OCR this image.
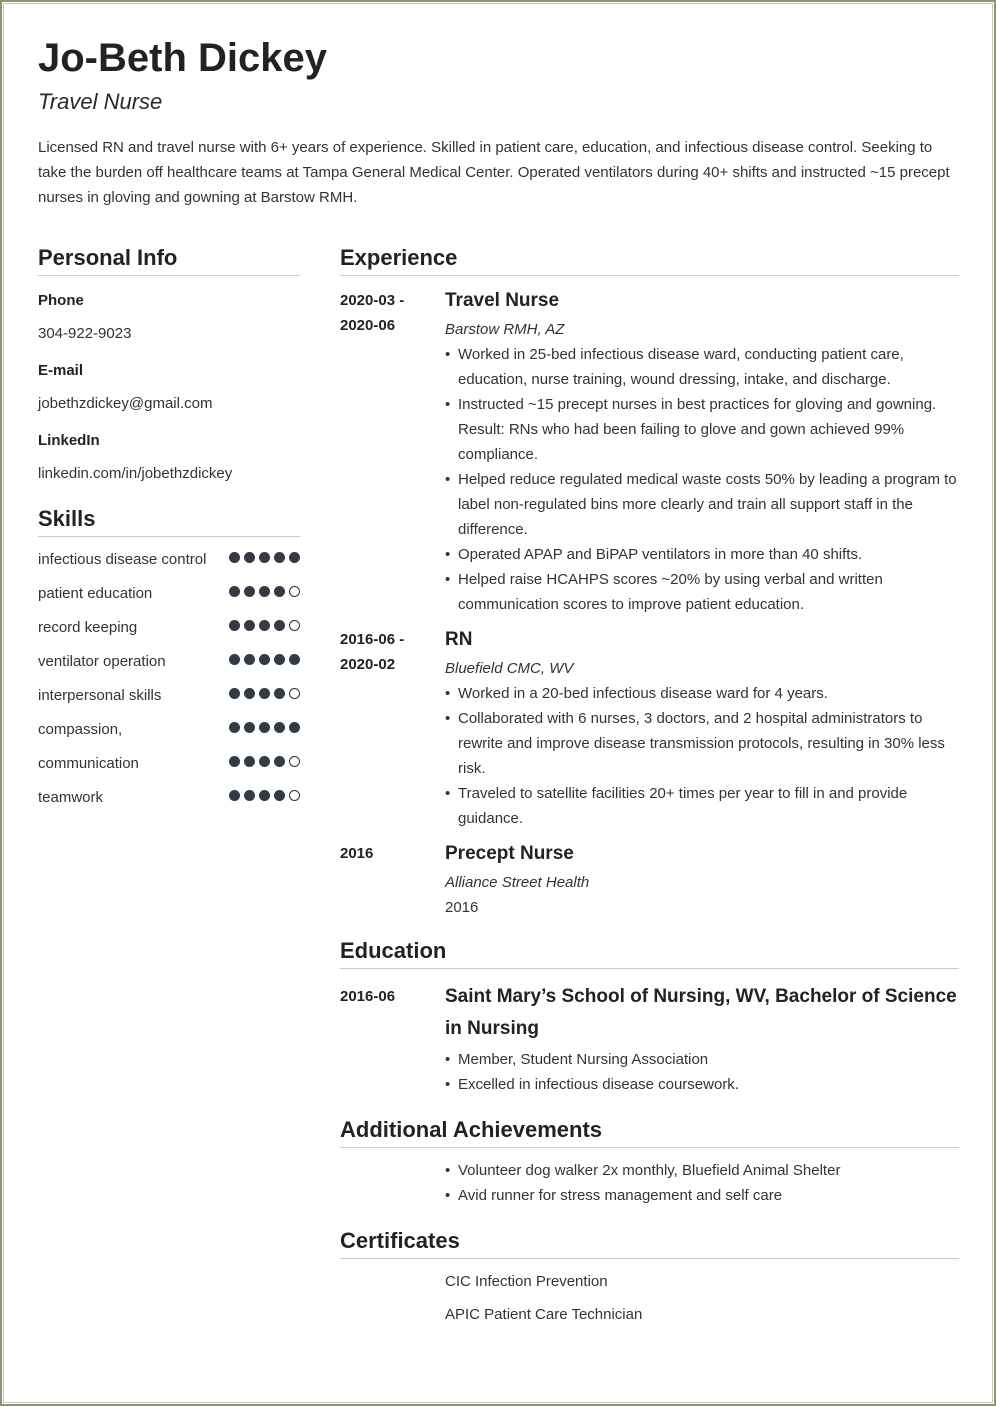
Jo-Beth Dickey
Travel Nurse
Licensed RN and travel nurse with 6+ years of experience. Skilled in patient care, education, and infectious disease control. Seeking to take the burden off healthcare teams at Tampa General Medical Center. Operated ventilators during 40+ shifts and instructed ~15 precept nurses in gloving and gowning at Barstow RMH.
Personal Info
Phone
304-922-9023
E-mail
jobethzdickey@gmail.com
LinkedIn
linkedin.com/in/jobethzdickey
Skills
infectious disease control
patient education
record keeping
ventilator operation
interpersonal skills
compassion,
communication
teamwork
Experience
2020-03 -
2020-06
Travel Nurse
Barstow RMH, AZ
• Worked in 25-bed infectious disease ward, conducting patient care, education, nurse training, wound dressing, intake, and discharge.
• Instructed ~15 precept nurses in best practices for gloving and gowning. Result: RNs who had been failing to glove and gown achieved 99% compliance.
• Helped reduce regulated medical waste costs 50% by leading a program to label non-regulated bins more clearly and train all support staff in the difference.
• Operated APAP and BiPAP ventilators in more than 40 shifts.
• Helped raise HCAHPS scores ~20% by using verbal and written communication scores to improve patient education.
2016-06 -
2020-02
RN
Bluefield CMC, WV
• Worked in a 20-bed infectious disease ward for 4 years.
• Collaborated with 6 nurses, 3 doctors, and 2 hospital administrators to rewrite and improve disease transmission protocols, resulting in 30% less risk.
• Traveled to satellite facilities 20+ times per year to fill in and provide guidance.
2016	Precept Nurse
Alliance Street Health
2016
Education
2016-06	Saint Mary’s School of Nursing, WV, Bachelor of Science in Nursing
• Member, Student Nursing Association
• Excelled in infectious disease coursework.
Additional Achievements
• Volunteer dog walker 2x monthly, Bluefield Animal Shelter
• Avid runner for stress management and self care
Certificates
CIC Infection Prevention
APIC Patient Care Technician
